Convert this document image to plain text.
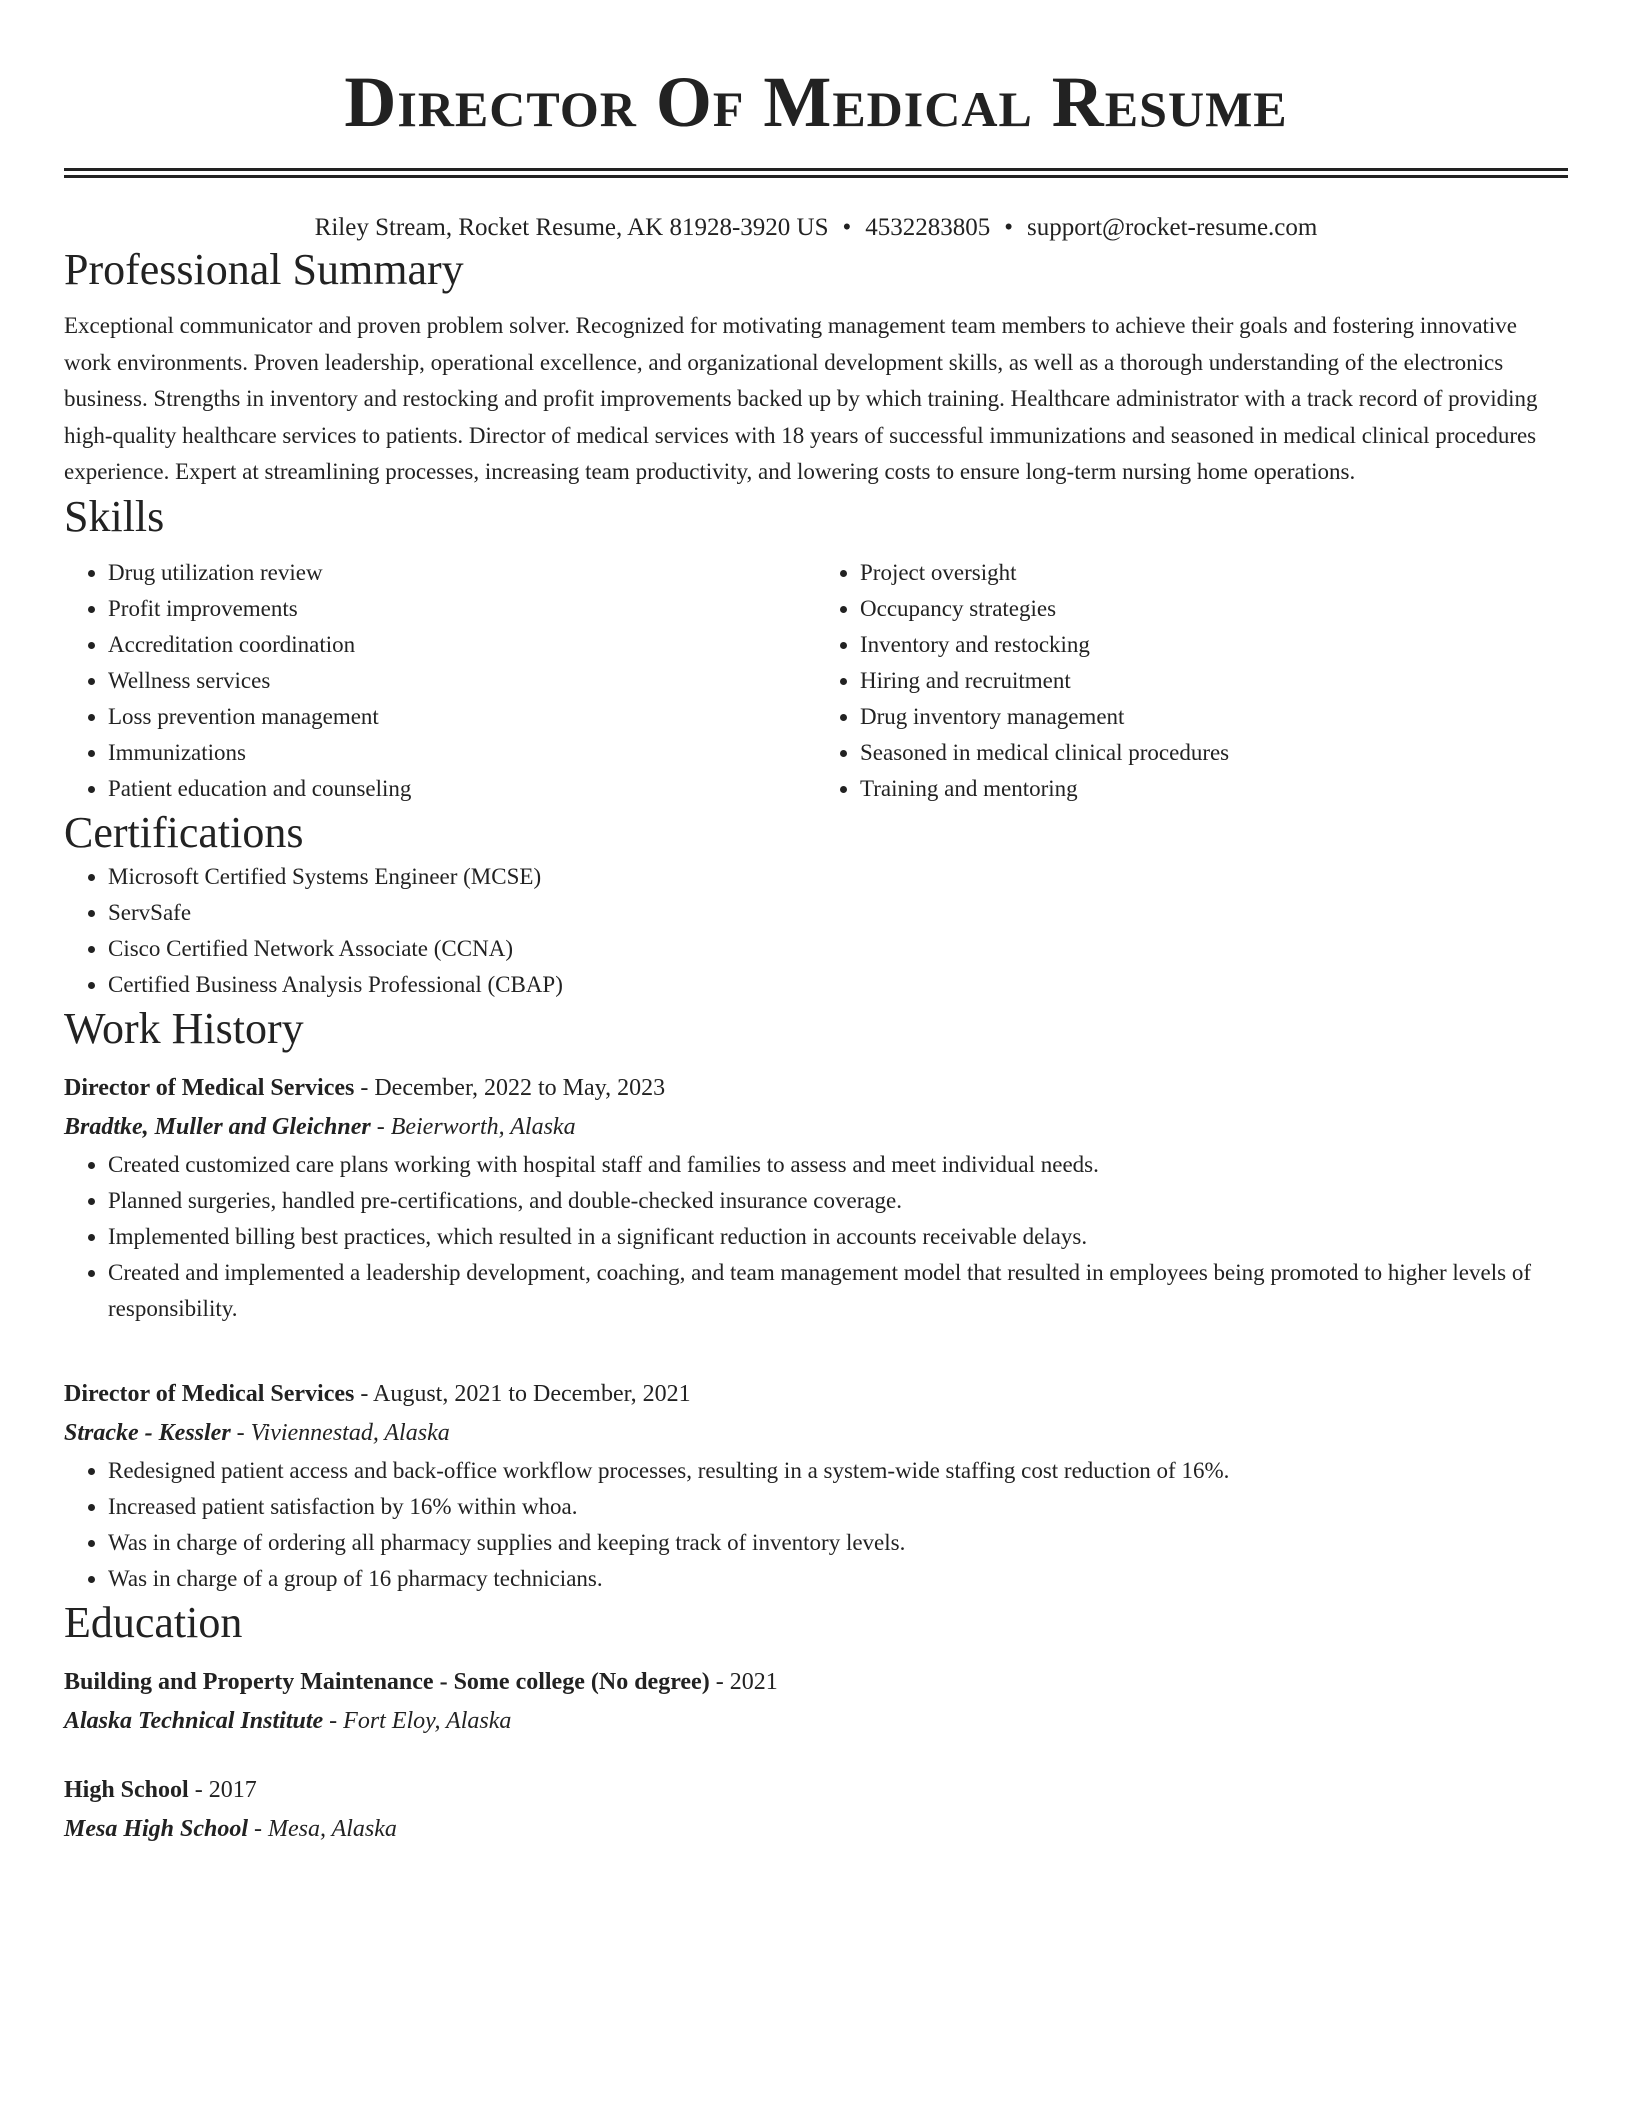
Director Of Medical Resume
Riley Stream, Rocket Resume, AK 81928-3920 US • 4532283805 • support@rocket-resume.com
Professional Summary

Exceptional communicator and proven problem solver. Recognized for motivating management team members to achieve their goals and fostering innovative work environments. Proven leadership, operational excellence, and organizational development skills, as well as a thorough understanding of the electronics business. Strengths in inventory and restocking and profit improvements backed up by which training. Healthcare administrator with a track record of providing high-quality healthcare services to patients. Director of medical services with 18 years of successful immunizations and seasoned in medical clinical procedures experience. Expert at streamlining processes, increasing team productivity, and lowering costs to ensure long-term nursing home operations.

Skills
• Drug utilization review
• Profit improvements
• Accreditation coordination
• Wellness services
• Loss prevention management
• Immunizations
• Patient education and counseling
• Project oversight
• Occupancy strategies
• Inventory and restocking
• Hiring and recruitment
• Drug inventory management
• Seasoned in medical clinical procedures
• Training and mentoring
Certifications
• Microsoft Certified Systems Engineer (MCSE)
• ServSafe
• Cisco Certified Network Associate (CCNA)
• Certified Business Analysis Professional (CBAP)
Work History
Director of Medical Services - December, 2022 to May, 2023
Bradtke, Muller and Gleichner - Beierworth, Alaska
• Created customized care plans working with hospital staff and families to assess and meet individual needs.
• Planned surgeries, handled pre-certifications, and double-checked insurance coverage.
• Implemented billing best practices, which resulted in a significant reduction in accounts receivable delays.
• Created and implemented a leadership development, coaching, and team management model that resulted in employees being promoted to higher levels of responsibility.
Director of Medical Services - August, 2021 to December, 2021
Stracke - Kessler - Viviennestad, Alaska
• Redesigned patient access and back-office workflow processes, resulting in a system-wide staffing cost reduction of 16%.
• Increased patient satisfaction by 16% within whoa.
• Was in charge of ordering all pharmacy supplies and keeping track of inventory levels.
• Was in charge of a group of 16 pharmacy technicians.
Education
Building and Property Maintenance - Some college (No degree) - 2021
Alaska Technical Institute - Fort Eloy, Alaska
High School - 2017
Mesa High School - Mesa, Alaska
